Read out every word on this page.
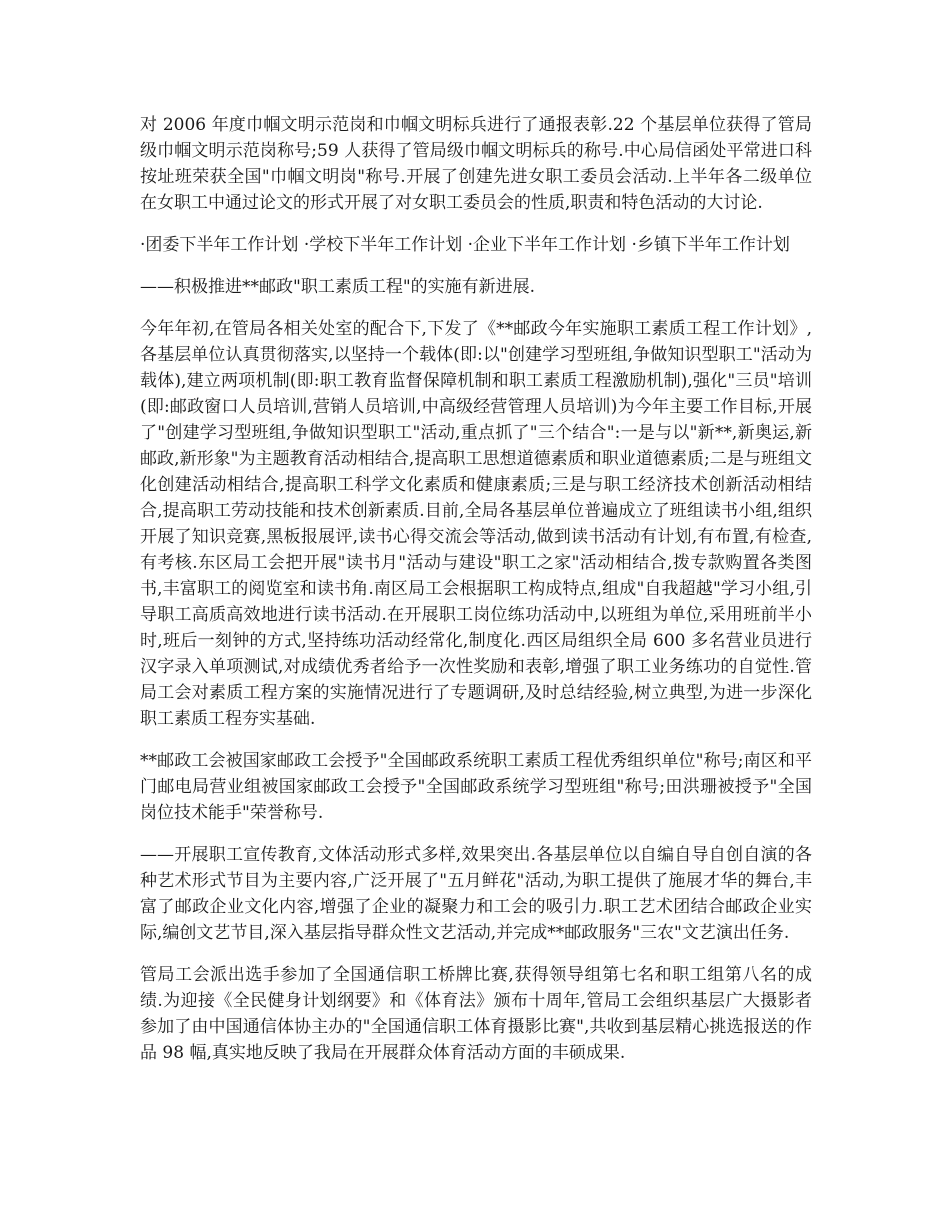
对 2006 年度巾帼文明示范岗和巾帼文明标兵进行了通报表彰.22 个基层单位获得了管局级巾帼文明示范岗称号;59 人获得了管局级巾帼文明标兵的称号.中心局信函处平常进口科按址班荣获全国"巾帼文明岗"称号.开展了创建先进女职工委员会活动.上半年各二级单位在女职工中通过论文的形式开展了对女职工委员会的性质,职责和特色活动的大讨论.

·团委下半年工作计划 ·学校下半年工作计划 ·企业下半年工作计划 ·乡镇下半年工作计划

——积极推进**邮政"职工素质工程"的实施有新进展.

今年年初,在管局各相关处室的配合下,下发了《**邮政今年实施职工素质工程工作计划》,各基层单位认真贯彻落实,以坚持一个载体(即:以"创建学习型班组,争做知识型职工"活动为载体),建立两项机制(即:职工教育监督保障机制和职工素质工程激励机制),强化"三员"培训(即:邮政窗口人员培训,营销人员培训,中高级经营管理人员培训)为今年主要工作目标,开展了"创建学习型班组,争做知识型职工"活动,重点抓了"三个结合":一是与以"新**,新奥运,新邮政,新形象"为主题教育活动相结合,提高职工思想道德素质和职业道德素质;二是与班组文化创建活动相结合,提高职工科学文化素质和健康素质;三是与职工经济技术创新活动相结合,提高职工劳动技能和技术创新素质.目前,全局各基层单位普遍成立了班组读书小组,组织开展了知识竞赛,黑板报展评,读书心得交流会等活动,做到读书活动有计划,有布置,有检查,有考核.东区局工会把开展"读书月"活动与建设"职工之家"活动相结合,拨专款购置各类图书,丰富职工的阅览室和读书角.南区局工会根据职工构成特点,组成"自我超越"学习小组,引导职工高质高效地进行读书活动.在开展职工岗位练功活动中,以班组为单位,采用班前半小时,班后一刻钟的方式,坚持练功活动经常化,制度化.西区局组织全局 600 多名营业员进行汉字录入单项测试,对成绩优秀者给予一次性奖励和表彰,增强了职工业务练功的自觉性.管局工会对素质工程方案的实施情况进行了专题调研,及时总结经验,树立典型,为进一步深化职工素质工程夯实基础.

**邮政工会被国家邮政工会授予"全国邮政系统职工素质工程优秀组织单位"称号;南区和平门邮电局营业组被国家邮政工会授予"全国邮政系统学习型班组"称号;田洪珊被授予"全国岗位技术能手"荣誉称号.

——开展职工宣传教育,文体活动形式多样,效果突出.各基层单位以自编自导自创自演的各种艺术形式节目为主要内容,广泛开展了"五月鲜花"活动,为职工提供了施展才华的舞台,丰富了邮政企业文化内容,增强了企业的凝聚力和工会的吸引力.职工艺术团结合邮政企业实际,编创文艺节目,深入基层指导群众性文艺活动,并完成**邮政服务"三农"文艺演出任务.

管局工会派出选手参加了全国通信职工桥牌比赛,获得领导组第七名和职工组第八名的成绩.为迎接《全民健身计划纲要》和《体育法》颁布十周年,管局工会组织基层广大摄影者参加了由中国通信体协主办的"全国通信职工体育摄影比赛",共收到基层精心挑选报送的作品 98 幅,真实地反映了我局在开展群众体育活动方面的丰硕成果.
